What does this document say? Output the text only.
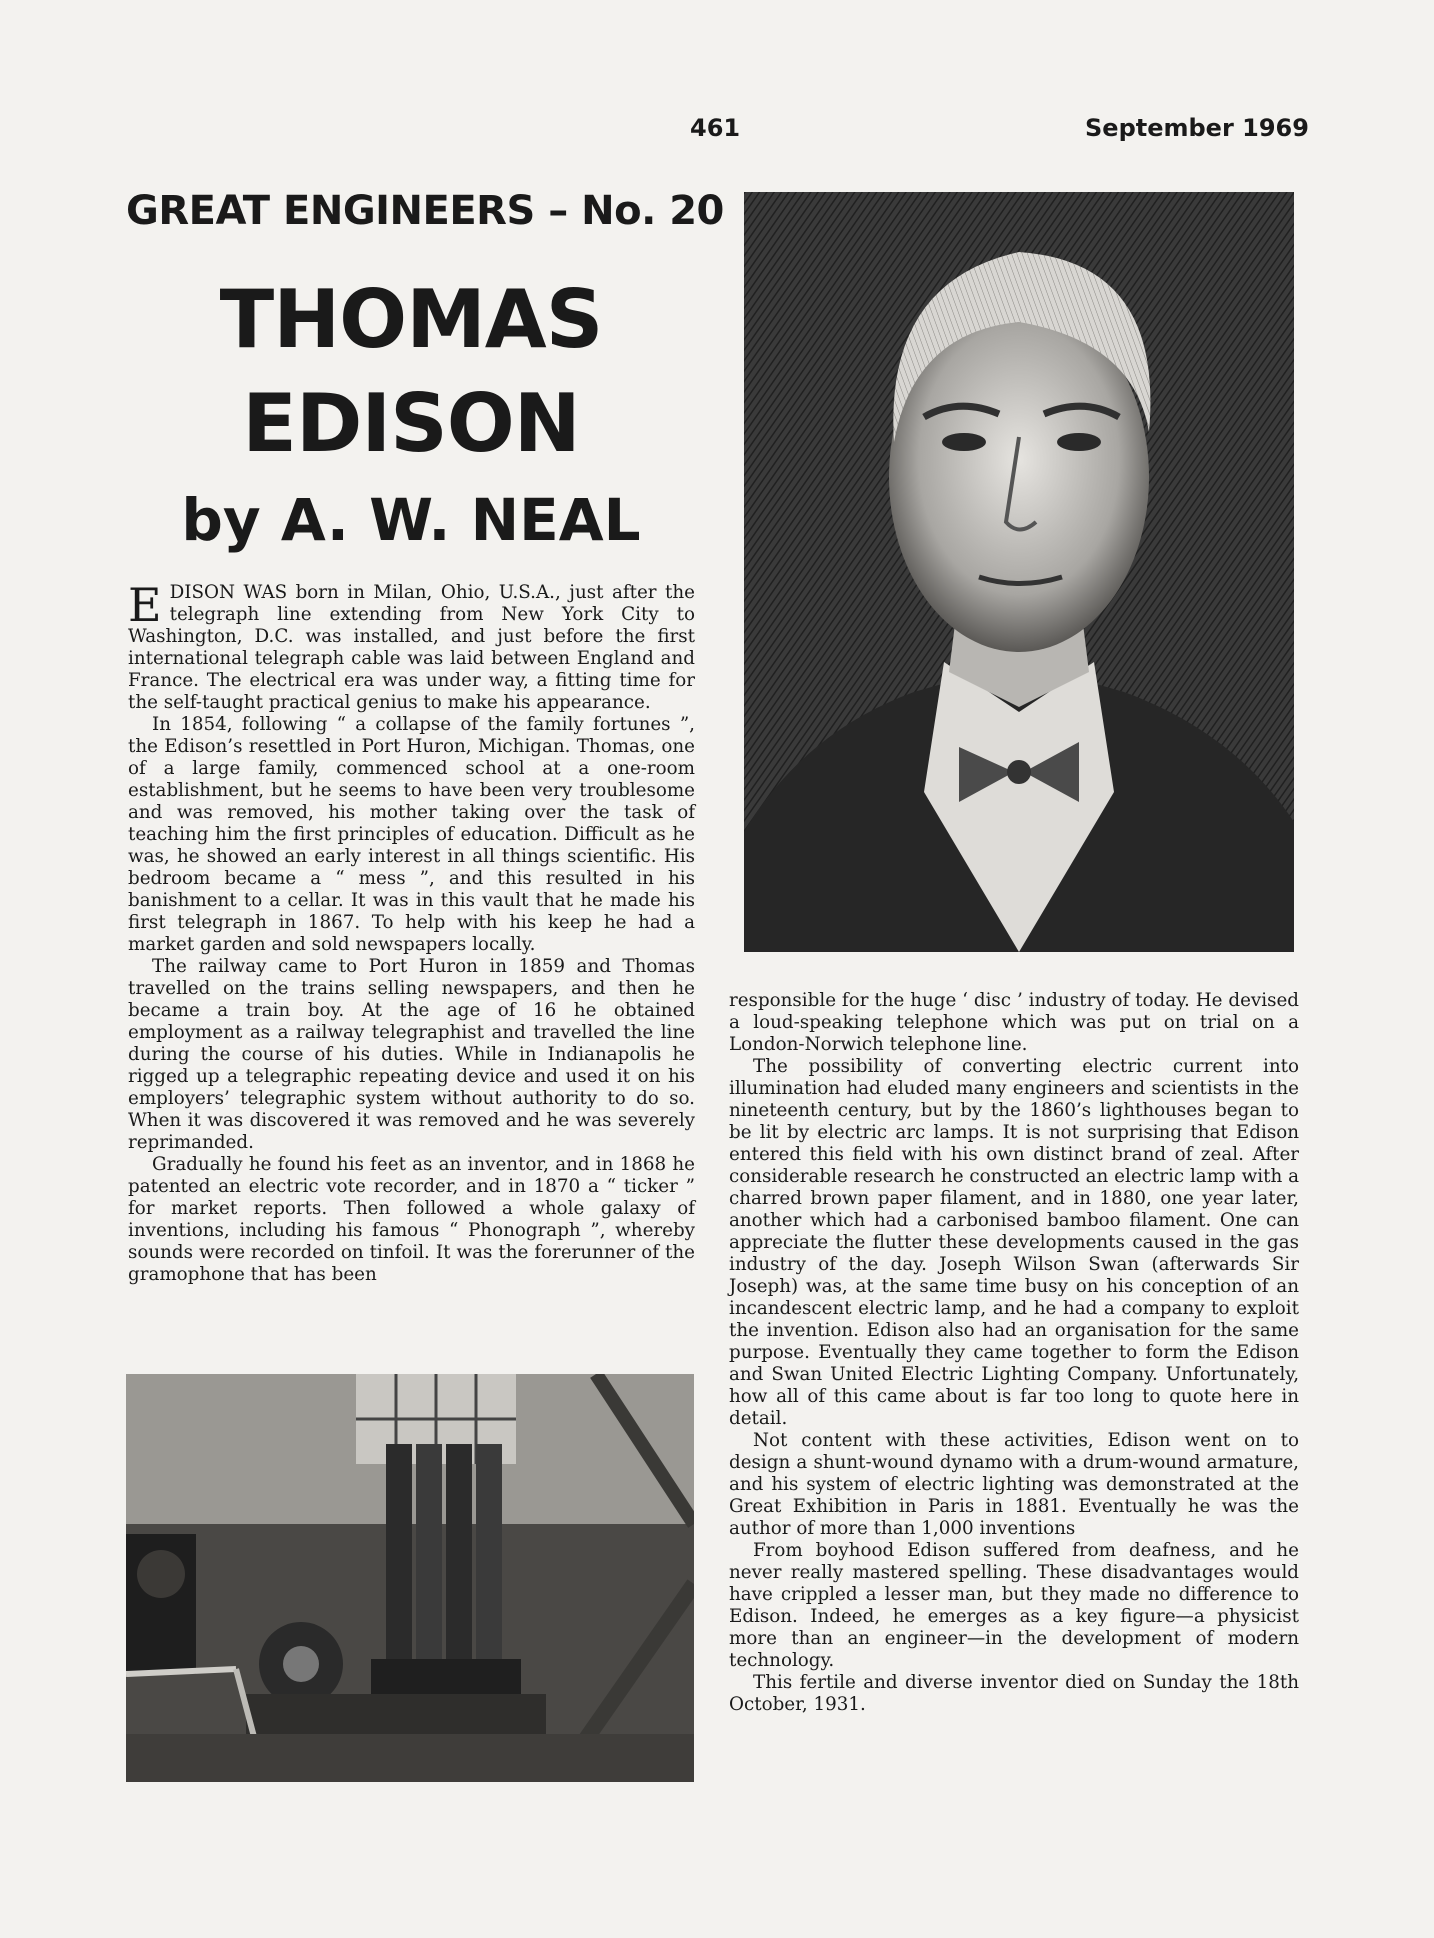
461	September 1969
GREAT ENGINEERS – No. 20
THOMAS
EDISON
by A. W. NEAL

EDISON WAS born in Milan, Ohio, U.S.A., just after the telegraph line extending from New York City to Washington, D.C. was installed, and just before the first international telegraph cable was laid between England and France. The electrical era was under way, a fitting time for the self-taught practical genius to make his appearance.

In 1854, following “ a collapse of the family fortunes ”, the Edison’s resettled in Port Huron, Michigan. Thomas, one of a large family, commenced school at a one-room establishment, but he seems to have been very troublesome and was removed, his mother taking over the task of teaching him the first principles of education. Difficult as he was, he showed an early interest in all things scientific. His bedroom became a “ mess ”, and this resulted in his banishment to a cellar. It was in this vault that he made his first telegraph in 1867. To help with his keep he had a market garden and sold newspapers locally.

The railway came to Port Huron in 1859 and Thomas travelled on the trains selling newspapers, and then he became a train boy. At the age of 16 he obtained employment as a railway telegraphist and travelled the line during the course of his duties. While in Indianapolis he rigged up a telegraphic repeating device and used it on his employers’ telegraphic system without authority to do so. When it was discovered it was removed and he was severely reprimanded.

Gradually he found his feet as an inventor, and in 1868 he patented an electric vote recorder, and in 1870 a “ ticker ” for market reports. Then followed a whole galaxy of inventions, including his famous “ Phonograph ”, whereby sounds were recorded on tinfoil. It was the forerunner of the gramophone that has been

responsible for the huge ‘ disc ’ industry of today. He devised a loud-speaking telephone which was put on trial on a London-Norwich telephone line.

The possibility of converting electric current into illumination had eluded many engineers and scientists in the nineteenth century, but by the 1860’s lighthouses began to be lit by electric arc lamps. It is not surprising that Edison entered this field with his own distinct brand of zeal. After considerable research he constructed an electric lamp with a charred brown paper filament, and in 1880, one year later, another which had a carbonised bamboo filament. One can appreciate the flutter these developments caused in the gas industry of the day. Joseph Wilson Swan (afterwards Sir Joseph) was, at the same time busy on his conception of an incandescent electric lamp, and he had a company to exploit the invention. Edison also had an organisation for the same purpose. Eventually they came together to form the Edison and Swan United Electric Lighting Company. Unfortunately, how all of this came about is far too long to quote here in detail.

Not content with these activities, Edison went on to design a shunt-wound dynamo with a drum-wound armature, and his system of electric lighting was demonstrated at the Great Exhibition in Paris in 1881. Eventually he was the author of more than 1,000 inventions

From boyhood Edison suffered from deafness, and he never really mastered spelling. These disadvantages would have crippled a lesser man, but they made no difference to Edison. Indeed, he emerges as a key figure—a physicist more than an engineer—in the development of modern technology.

This fertile and diverse inventor died on Sunday the 18th October, 1931.
